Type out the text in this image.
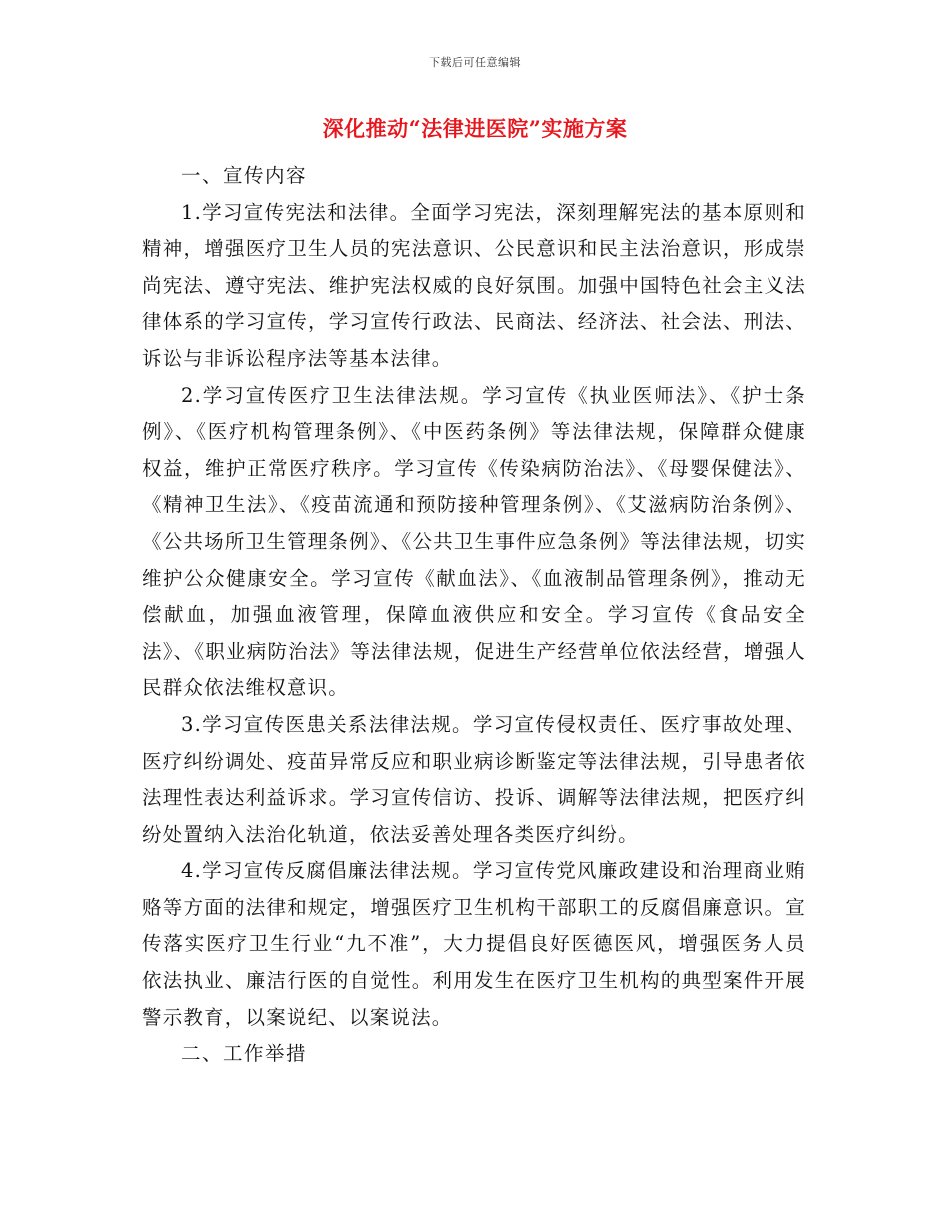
下载后可任意编辑
深化推动“法律进医院”实施方案

一、宣传内容

1.学习宣传宪法和法律。全面学习宪法，深刻理解宪法的基本原则和精神，增强医疗卫生人员的宪法意识、公民意识和民主法治意识，形成崇尚宪法、遵守宪法、维护宪法权威的良好氛围。加强中国特色社会主义法律体系的学习宣传，学习宣传行政法、民商法、经济法、社会法、刑法、诉讼与非诉讼程序法等基本法律。

2.学习宣传医疗卫生法律法规。学习宣传《执业医师法》、《护士条例》、《医疗机构管理条例》、《中医药条例》等法律法规，保障群众健康权益，维护正常医疗秩序。学习宣传《传染病防治法》、《母婴保健法》、《精神卫生法》、《疫苗流通和预防接种管理条例》、《艾滋病防治条例》、《公共场所卫生管理条例》、《公共卫生事件应急条例》等法律法规，切实维护公众健康安全。学习宣传《献血法》、《血液制品管理条例》，推动无偿献血，加强血液管理，保障血液供应和安全。学习宣传《食品安全法》、《职业病防治法》等法律法规，促进生产经营单位依法经营，增强人民群众依法维权意识。

3.学习宣传医患关系法律法规。学习宣传侵权责任、医疗事故处理、医疗纠纷调处、疫苗异常反应和职业病诊断鉴定等法律法规，引导患者依法理性表达利益诉求。学习宣传信访、投诉、调解等法律法规，把医疗纠纷处置纳入法治化轨道，依法妥善处理各类医疗纠纷。

4.学习宣传反腐倡廉法律法规。学习宣传党风廉政建设和治理商业贿赂等方面的法律和规定，增强医疗卫生机构干部职工的反腐倡廉意识。宣传落实医疗卫生行业“九不准”，大力提倡良好医德医风，增强医务人员依法执业、廉洁行医的自觉性。利用发生在医疗卫生机构的典型案件开展警示教育，以案说纪、以案说法。

二、工作举措
